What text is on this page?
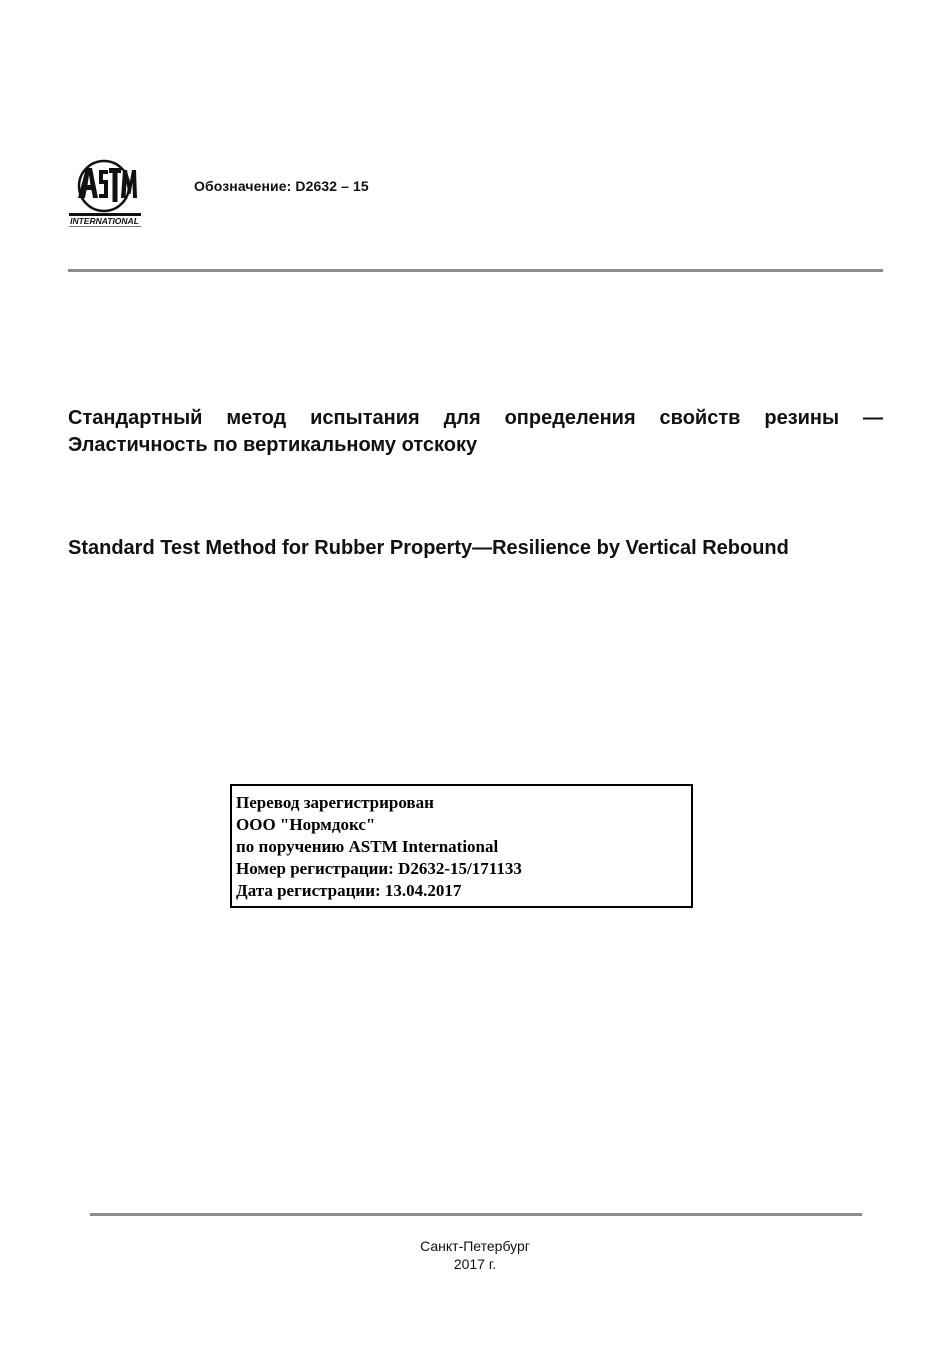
INTERNATIONAL
Обозначение: D2632 – 15
Стандартный метод испытания для определения свойств резины — Эластичность по вертикальному отскоку
Standard Test Method for Rubber Property—Resilience by Vertical Rebound
Перевод зарегистрирован
ООО "Нормдокс"
по поручению ASTM International
Номер регистрации: D2632-15/171133
Дата регистрации: 13.04.2017
Санкт-Петербург
2017 г.
